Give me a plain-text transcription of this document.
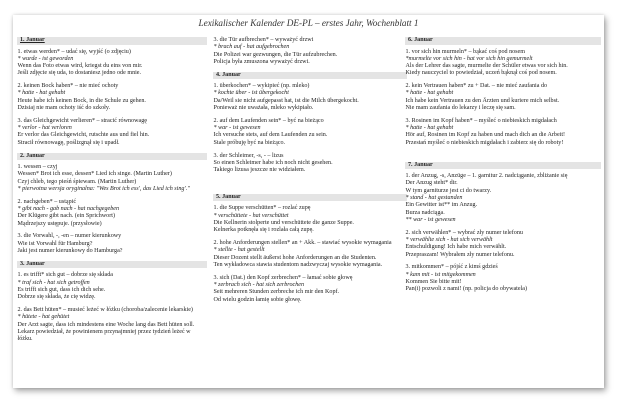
Lexikalischer Kalender DE-PL – erstes Jahr, Wochenblatt 1
1. Januar
1. etwas werden* – udać się, wyjść (o zdjęciu)
* wurde - ist geworden
Wenn das Foto etwas wird, kriegst du eins von mir.
Jeśli zdjęcie się uda, to dostaniesz jedno ode mnie.
2. keinen Bock haben* – nie mieć ochoty
* hatte - hat gehabt
Heute habe ich keinen Bock, in die Schule zu gehen.
Dzisiaj nie mam ochoty iść do szkoły.
3. das Gleichgewicht verlieren* – stracić równowagę
* verlor - hat verloren
Er verlor das Gleichgewicht, rutschte aus und fiel hin.
Stracił równowagę, poślizgnął się i upadł.
2. Januar
1. wessen – czyj
Wessen* Brot ich esse, dessen* Lied ich singe. (Martin Luther)
Czyj chleb, tego pieśń śpiewam. (Martin Luther)
* pierwotna wersja oryginalna: "Wes Brot ich ess', das Lied ich sing'."
2. nachgeben* – ustąpić
* gibt nach - gab nach - hat nachgegeben
Der Klügere gibt nach. (ein Sprichwort)
Mądrzejszy ustępuje. (przysłowie)
3. die Vorwahl, -, -en – numer kierunkowy
Wie ist Vorwahl für Hamburg?
Jaki jest numer kierunkowy do Hamburga?
3. Januar
1. es trifft* sich gut – dobrze się składa
* traf sich - hat sich getroffen
Es trifft sich gut, dass ich dich sehe.
Dobrze się składa, że cię widzę.
2. das Bett hüten* – musieć leżeć w łóżku (choroba/zalecenie lekarskie)
* hütete - hat gehütet
Der Arzt sagte, dass ich mindestens eine Woche lang das Bett hüten soll.
Lekarz powiedział, że powinienem przynajmniej przez tydzień leżeć w łóżku.
3. die Tür aufbrechen* – wyważyć drzwi
* brach auf - hat aufgebrochen
Die Polizei war gezwungen, die Tür aufzubrechen.
Policja była zmuszona wyważyć drzwi.
4. Januar
1. überkochen* – wykipieć (np. mleko)
* kochte über - ist übergekocht
Da/Weil sie nicht aufgepasst hat, ist die Milch übergekocht.
Ponieważ nie uważała, mleko wykipiało.
2. auf dem Laufenden sein* – być na bieżąco
* war - ist gewesen
Ich versuche stets, auf dem Laufenden zu sein.
Stale próbuję być na bieżąco.
3. der Schleimer, -s, - – lizus
So einen Schleimer habe ich noch nicht gesehen.
Takiego lizusa jeszcze nie widziałem.
5. Januar
1. die Suppe verschütten* – rozlać zupę
* verschüttete - hat verschüttet
Die Kellnerin stolperte und verschüttete die ganze Suppe.
Kelnerka potknęła się i rozlała całą zupę.
2. hohe Anforderungen stellen* an + Akk. – stawiać wysokie wymagania
* stellte - hat gestellt
Dieser Dozent stellt äußerst hohe Anforderungen an die Studenten.
Ten wykładowca stawia studentom nadzwyczaj wysokie wymagania.
3. sich (Dat.) den Kopf zerbrechen* – łamać sobie głowę
* zerbrach sich - hat sich zerbrochen
Seit mehreren Stunden zerbreche ich mir den Kopf.
Od wielu godzin łamię sobie głowę.
6. Januar
1. vor sich hin murmeln* – bąkać coś pod nosem
*murmelte vor sich hin - hat vor sich hin gemurmelt
Als der Lehrer das sagte, murmelte der Schüler etwas vor sich hin.
Kiedy nauczyciel to powiedział, uczeń bąknął coś pod nosem.
2. kein Vertrauen haben* zu + Dat. – nie mieć zaufania do
* hatte - hat gehabt
Ich habe kein Vertrauen zu den Ärzten und kuriere mich selbst.
Nie mam zaufania do lekarzy i leczę się sam.
3. Rosinen im Kopf haben* – myśleć o niebieskich migdałach
* hatte - hat gehabt
Hör auf, Rosinen im Kopf zu haben und mach dich an die Arbeit!
Przestań myśleć o niebieskich migdałach i zabierz się do roboty!
7. Januar
1. der Anzug, -s, Anzüge – 1. garnitur 2. nadciąganie, zbliżanie się
Der Anzug steht* dir.
W tym garniturze jest ci do twarzy.
* stand - hat gestanden
Ein Gewitter ist** im Anzug.
Burza nadciąga.
** war - ist gewesen
2. sich verwählen* – wybrać zły numer telefonu
* verwählte sich - hat sich verwählt
Entschuldigung! Ich habe mich verwählt.
Przepraszam! Wybrałem zły numer telefonu.
3. mitkommen* – pójść z kimś gdzieś
* kam mit - ist mitgekommen
Kommen Sie bitte mit!
Pan(i) pozwoli z nami! (np. policja do obywatela)
